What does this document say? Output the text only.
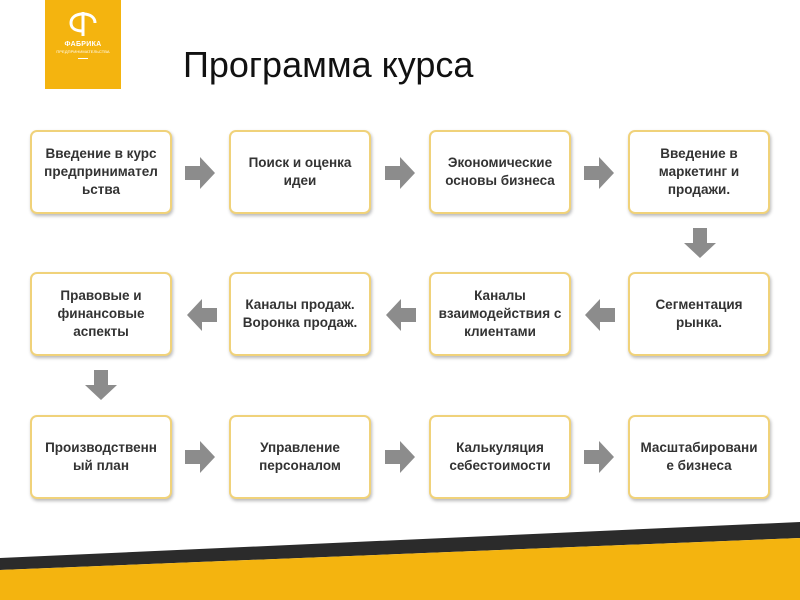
ФАБРИКА
ПРЕДПРИНИМАТЕЛЬСТВА Программа курса
Введение в курс предпринимател ьства
Поиск и оценка идеи
Экономические основы бизнеса
Введение в маркетинг и продажи.
Сегментация рынка.
Каналы взаимодействия с клиентами
Каналы продаж. Воронка продаж.
Правовые и финансовые аспекты
Производственн ый план
Управление персоналом
Калькуляция себестоимости
Масштабировани е бизнеса
